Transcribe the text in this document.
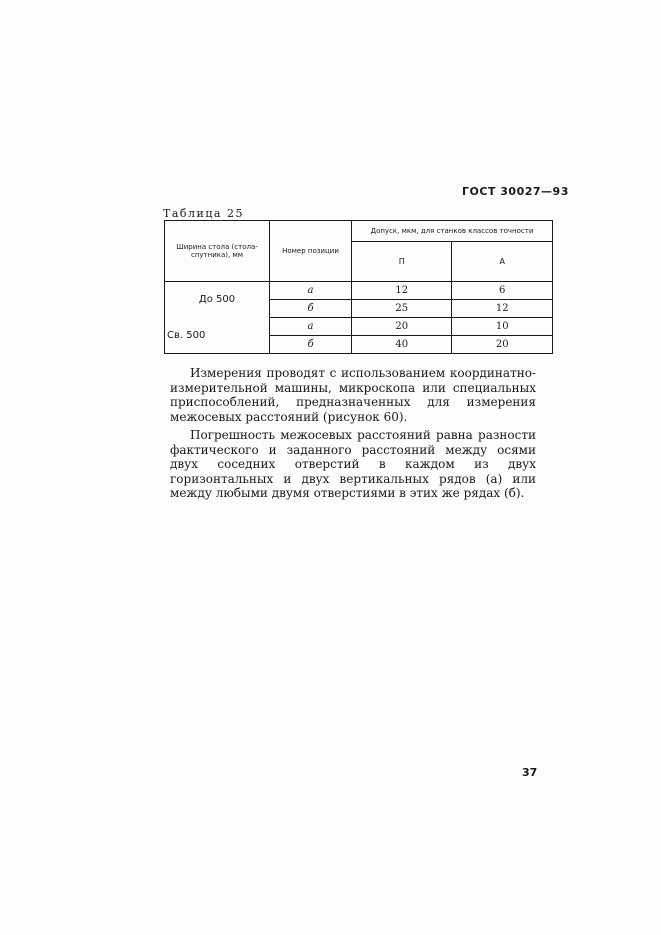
ГОСТ 30027—93
Таблица 25
Ширина стола (стола-спутника), мм	Номер позиции	Допуск, мкм, для станков классов точности	
		П	А
До 500	а	12	6
	б	25	12
Св. 500	а	20	10
	б	40	20

Измерения проводят с использованием координатно-измерительной машины, микроскопа или специальных приспособлений, предназначенных для измерения межосевых расстояний (рисунок 60).

Погрешность межосевых расстояний равна разности фактического и заданного расстояний между осями двух соседних отверстий в каждом из двух горизонтальных и двух вертикальных рядов (а) или между любыми двумя отверстиями в этих же рядах (б).

37
